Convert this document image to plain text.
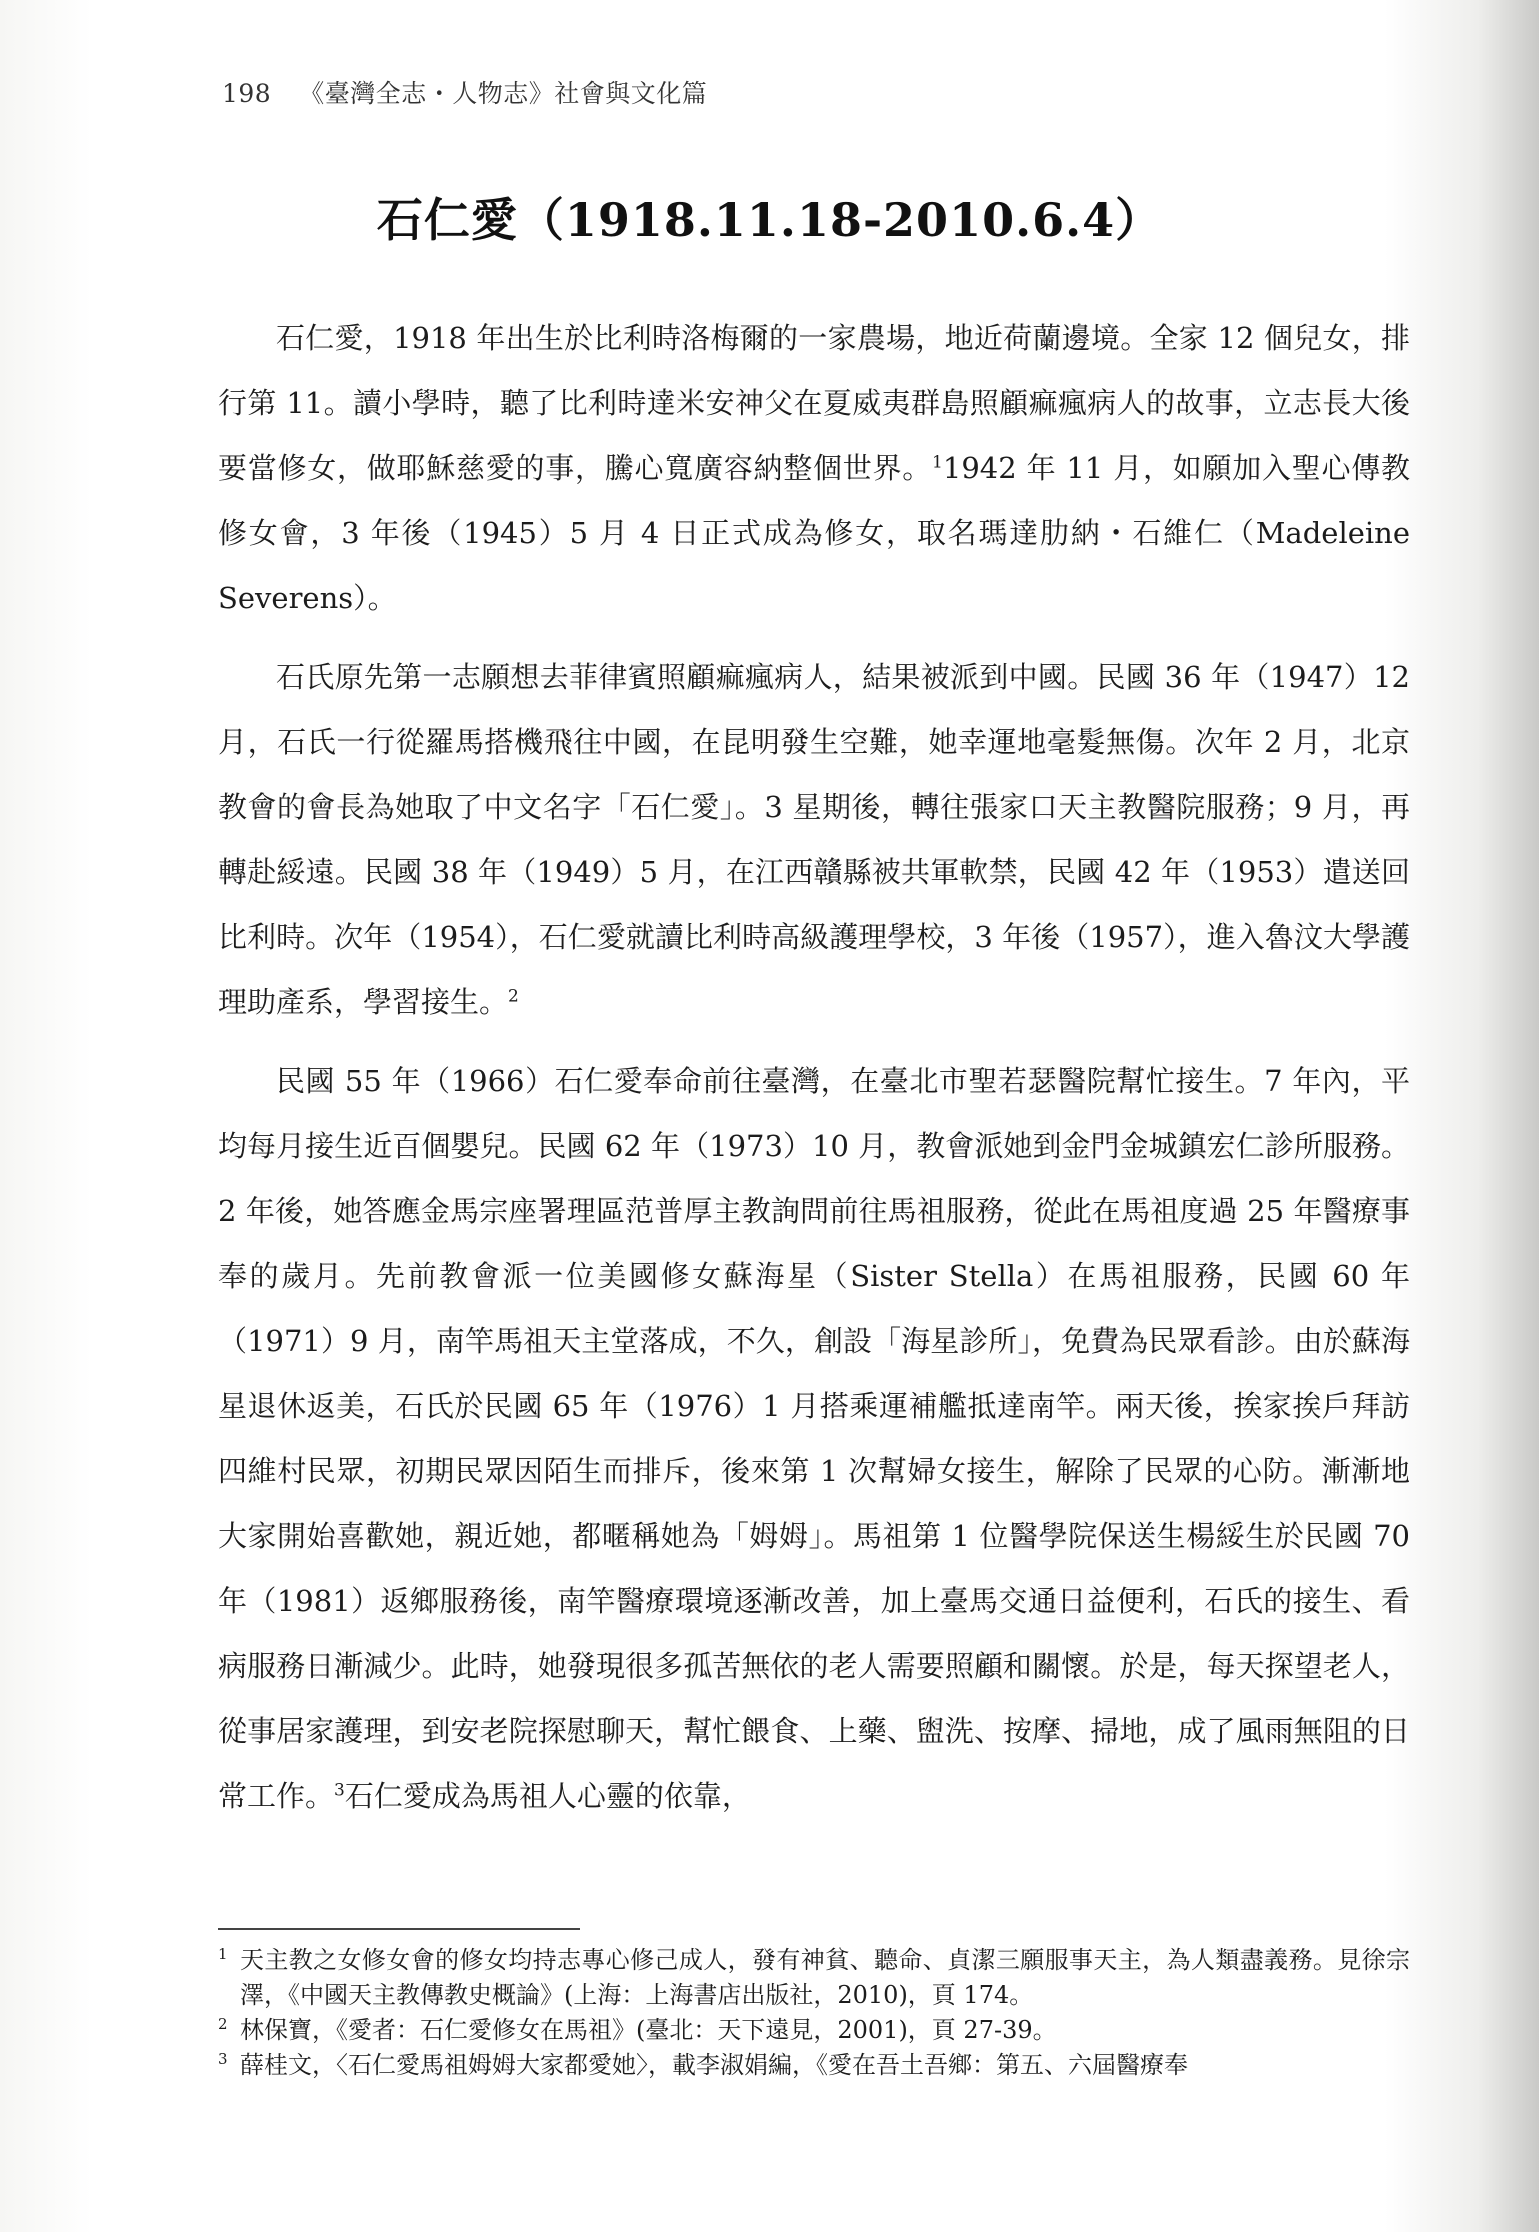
198 《臺灣全志・人物志》社會與文化篇
石仁愛（1918.11.18-2010.6.4）

石仁愛，1918 年出生於比利時洛梅爾的一家農場，地近荷蘭邊境。全家 12 個兒女，排行第 11。讀小學時，聽了比利時達米安神父在夏威夷群島照顧痲瘋病人的故事，立志長大後要當修女，做耶穌慈愛的事，騰心寬廣容納整個世界。$^1$1942 年 11 月，如願加入聖心傳教修女會，3 年後（1945）5 月 4 日正式成為修女，取名瑪達肋納・石維仁（Madeleine Severens）。

石氏原先第一志願想去菲律賓照顧痲瘋病人，結果被派到中國。民國 36 年（1947）12 月，石氏一行從羅馬搭機飛往中國，在昆明發生空難，她幸運地毫髮無傷。次年 2 月，北京教會的會長為她取了中文名字「石仁愛」。3 星期後，轉往張家口天主教醫院服務；9 月，再轉赴綏遠。民國 38 年（1949）5 月，在江西贛縣被共軍軟禁，民國 42 年（1953）遣送回比利時。次年（1954），石仁愛就讀比利時高級護理學校，3 年後（1957），進入魯汶大學護理助產系，學習接生。$^2$

民國 55 年（1966）石仁愛奉命前往臺灣，在臺北市聖若瑟醫院幫忙接生。7 年內，平均每月接生近百個嬰兒。民國 62 年（1973）10 月，教會派她到金門金城鎮宏仁診所服務。2 年後，她答應金馬宗座署理區范普厚主教詢問前往馬祖服務，從此在馬祖度過 25 年醫療事奉的歲月。先前教會派一位美國修女蘇海星（Sister Stella）在馬祖服務，民國 60 年（1971）9 月，南竿馬祖天主堂落成，不久，創設「海星診所」，免費為民眾看診。由於蘇海星退休返美，石氏於民國 65 年（1976）1 月搭乘運補艦抵達南竿。兩天後，挨家挨戶拜訪四維村民眾，初期民眾因陌生而排斥，後來第 1 次幫婦女接生，解除了民眾的心防。漸漸地大家開始喜歡她，親近她，都暱稱她為「姆姆」。馬祖第 1 位醫學院保送生楊綏生於民國 70 年（1981）返鄉服務後，南竿醫療環境逐漸改善，加上臺馬交通日益便利，石氏的接生、看病服務日漸減少。此時，她發現很多孤苦無依的老人需要照顧和關懷。於是，每天探望老人，從事居家護理，到安老院探慰聊天，幫忙餵食、上藥、盥洗、按摩、掃地，成了風雨無阻的日常工作。$^3$石仁愛成為馬祖人心靈的依靠，

1 天主教之女修女會的修女均持志專心修己成人，發有神貧、聽命、貞潔三願服事天主，為人類盡義務。見徐宗澤，《中國天主教傳教史概論》(上海：上海書店出版社，2010)，頁 174。
2 林保寶，《愛者：石仁愛修女在馬祖》(臺北：天下遠見，2001)，頁 27-39。
3 薛桂文，〈石仁愛馬祖姆姆大家都愛她〉，載李淑娟編，《愛在吾土吾鄉：第五、六屆醫療奉
